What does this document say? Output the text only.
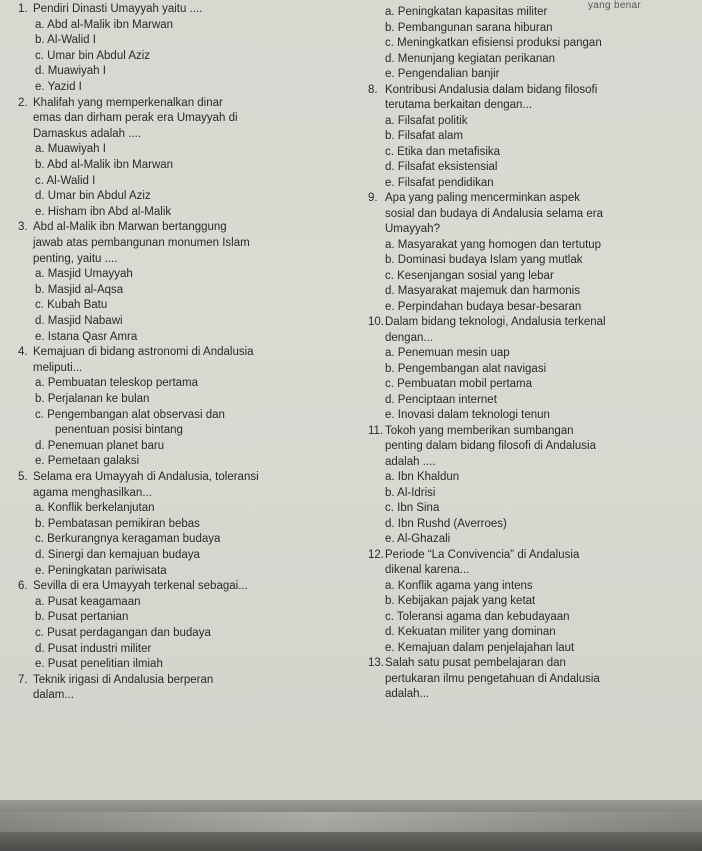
yang benar
1. Pendiri Dinasti Umayyah yaitu ....
a. Abd al-Malik ibn Marwan
b. Al-Walid I
c. Umar bin Abdul Aziz
d. Muawiyah I
e. Yazid I
2. Khalifah yang memperkenalkan dinar
emas dan dirham perak era Umayyah di
Damaskus adalah ....
a. Muawiyah I
b. Abd al-Malik ibn Marwan
c. Al-Walid I
d. Umar bin Abdul Aziz
e. Hisham ibn Abd al-Malik
3. Abd al-Malik ibn Marwan bertanggung
jawab atas pembangunan monumen Islam
penting, yaitu ....
a. Masjid Umayyah
b. Masjid al-Aqsa
c. Kubah Batu
d. Masjid Nabawi
e. Istana Qasr Amra
4. Kemajuan di bidang astronomi di Andalusia
meliputi...
a. Pembuatan teleskop pertama
b. Perjalanan ke bulan
c. Pengembangan alat observasi dan
penentuan posisi bintang
d. Penemuan planet baru
e. Pemetaan galaksi
5. Selama era Umayyah di Andalusia, toleransi
agama menghasilkan...
a. Konflik berkelanjutan
b. Pembatasan pemikiran bebas
c. Berkurangnya keragaman budaya
d. Sinergi dan kemajuan budaya
e. Peningkatan pariwisata
6. Sevilla di era Umayyah terkenal sebagai...
a. Pusat keagamaan
b. Pusat pertanian
c. Pusat perdagangan dan budaya
d. Pusat industri militer
e. Pusat penelitian ilmiah
7. Teknik irigasi di Andalusia berperan
dalam...
a. Peningkatan kapasitas militer
b. Pembangunan sarana hiburan
c. Meningkatkan efisiensi produksi pangan
d. Menunjang kegiatan perikanan
e. Pengendalian banjir
8. Kontribusi Andalusia dalam bidang filosofi
terutama berkaitan dengan...
a. Filsafat politik
b. Filsafat alam
c. Etika dan metafisika
d. Filsafat eksistensial
e. Filsafat pendidikan
9. Apa yang paling mencerminkan aspek
sosial dan budaya di Andalusia selama era
Umayyah?
a. Masyarakat yang homogen dan tertutup
b. Dominasi budaya Islam yang mutlak
c. Kesenjangan sosial yang lebar
d. Masyarakat majemuk dan harmonis
e. Perpindahan budaya besar-besaran
10. Dalam bidang teknologi, Andalusia terkenal
dengan...
a. Penemuan mesin uap
b. Pengembangan alat navigasi
c. Pembuatan mobil pertama
d. Penciptaan internet
e. Inovasi dalam teknologi tenun
11. Tokoh yang memberikan sumbangan
penting dalam bidang filosofi di Andalusia
adalah ....
a. Ibn Khaldun
b. Al-Idrisi
c. Ibn Sina
d. Ibn Rushd (Averroes)
e. Al-Ghazali
12. Periode “La Convivencia” di Andalusia
dikenal karena...
a. Konflik agama yang intens
b. Kebijakan pajak yang ketat
c. Toleransi agama dan kebudayaan
d. Kekuatan militer yang dominan
e. Kemajuan dalam penjelajahan laut
13. Salah satu pusat pembelajaran dan
pertukaran ilmu pengetahuan di Andalusia
adalah...
